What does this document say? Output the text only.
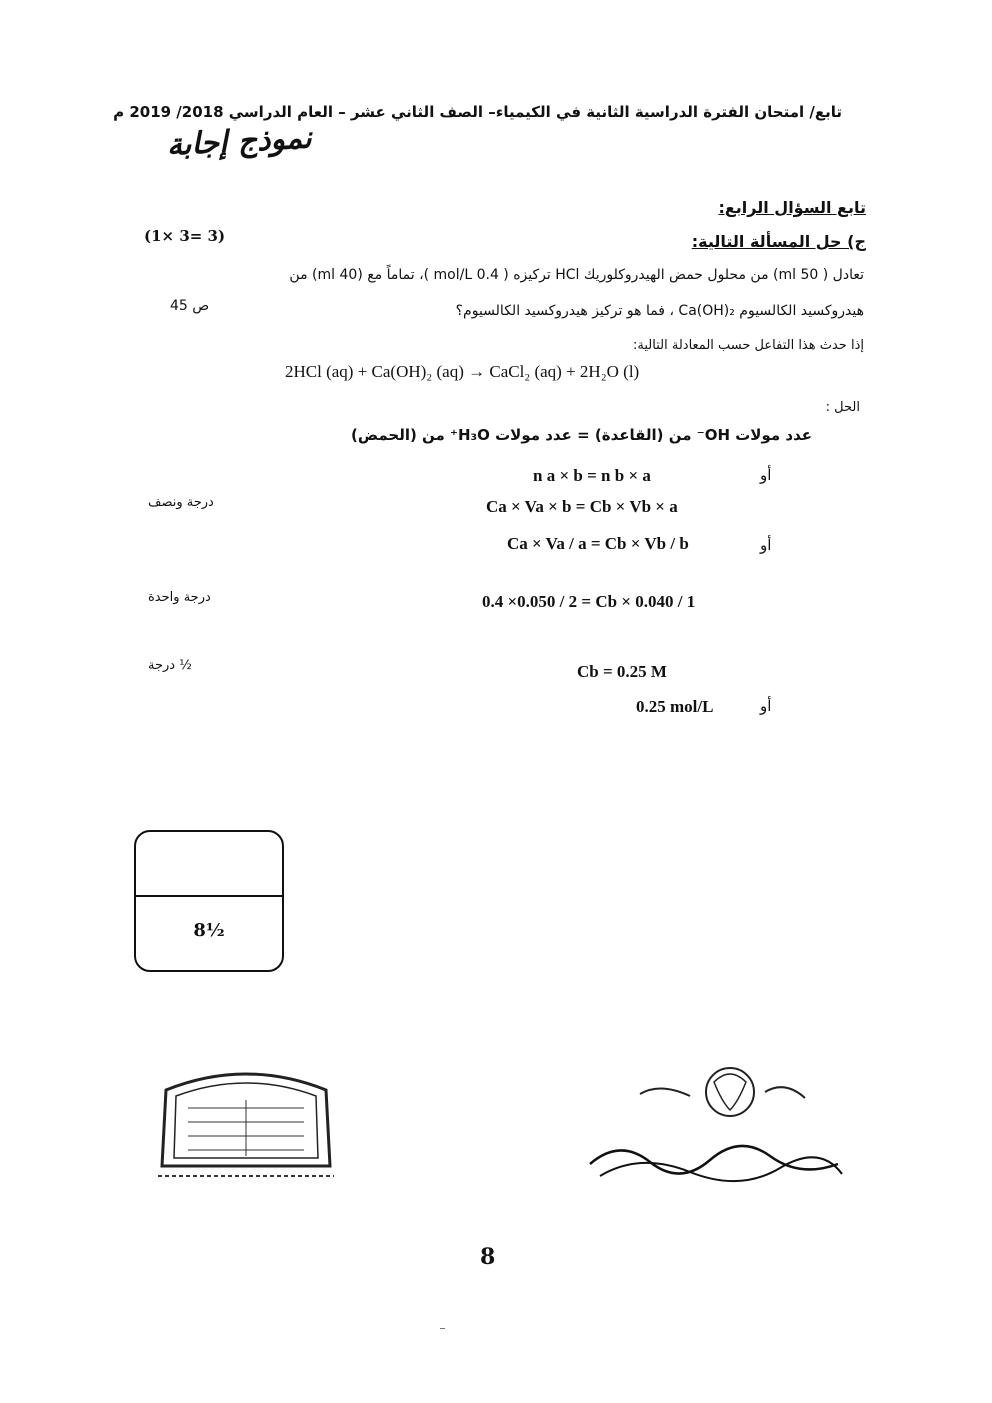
تابع/ امتحان الفترة الدراسية الثانية في الكيمياء– الصف الثاني عشر – العام الدراسي 2018/ 2019 م
نموذج إجابة
تابع السؤال الرابع:
(1× 3= 3)	ج) حل المسألة التالية:
تعادل ( 50 ml) من محلول حمض الهيدروكلوريك HCl تركيزه ( 0.4 mol/L )، تماماً مع (40 ml) من
هيدروكسيد الكالسيوم Ca(OH)₂ ، فما هو تركيز هيدروكسيد الكالسيوم؟
ص 45
إذا حدث هذا التفاعل حسب المعادلة التالية:
2HCl (aq) + Ca(OH)₂ (aq) → CaCl₂ (aq) + 2H₂O (l)
الحل :
عدد مولات OH⁻ من (القاعدة) = عدد مولات H₃O⁺ من (الحمض)
أو
n a × b = n b × a
درجة ونصف	Ca × Va × b = Cb × Vb × a
أو
Ca × Va / a = Cb × Vb / b
درجة واحدة	0.4 ×0.050 / 2 = Cb × 0.040 / 1
½ درجة	Cb = 0.25 M
أو
0.25 mol/L
8½
8
